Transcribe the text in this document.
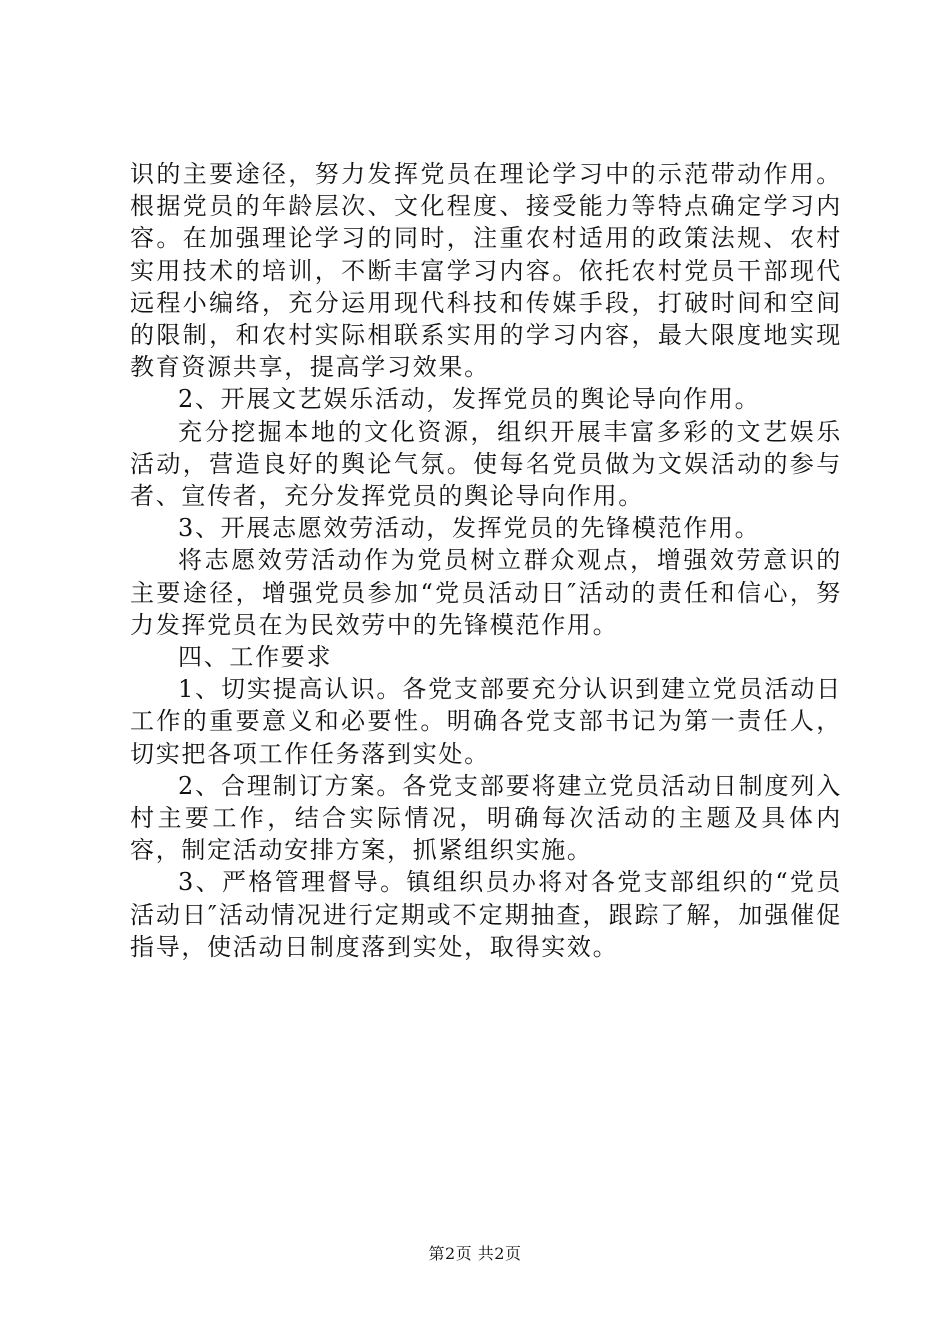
识的主要途径，努力发挥党员在理论学习中的示范带动作用。根据党员的年龄层次、文化程度、接受能力等特点确定学习内容。在加强理论学习的同时，注重农村适用的政策法规、农村实用技术的培训，不断丰富学习内容。依托农村党员干部现代远程小编络，充分运用现代科技和传媒手段，打破时间和空间的限制，和农村实际相联系实用的学习内容，最大限度地实现教育资源共享，提高学习效果。

2、开展文艺娱乐活动，发挥党员的舆论导向作用。

充分挖掘本地的文化资源，组织开展丰富多彩的文艺娱乐活动，营造良好的舆论气氛。使每名党员做为文娱活动的参与者、宣传者，充分发挥党员的舆论导向作用。

3、开展志愿效劳活动，发挥党员的先锋模范作用。

将志愿效劳活动作为党员树立群众观点，增强效劳意识的主要途径，增强党员参加“党员活动日″活动的责任和信心，努力发挥党员在为民效劳中的先锋模范作用。

四、工作要求

1、切实提高认识。各党支部要充分认识到建立党员活动日工作的重要意义和必要性。明确各党支部书记为第一责任人，切实把各项工作任务落到实处。

2、合理制订方案。各党支部要将建立党员活动日制度列入村主要工作，结合实际情况，明确每次活动的主题及具体内容，制定活动安排方案，抓紧组织实施。

3、严格管理督导。镇组织员办将对各党支部组织的“党员活动日″活动情况进行定期或不定期抽查，跟踪了解，加强催促指导，使活动日制度落到实处，取得实效。

第2页 共2页
